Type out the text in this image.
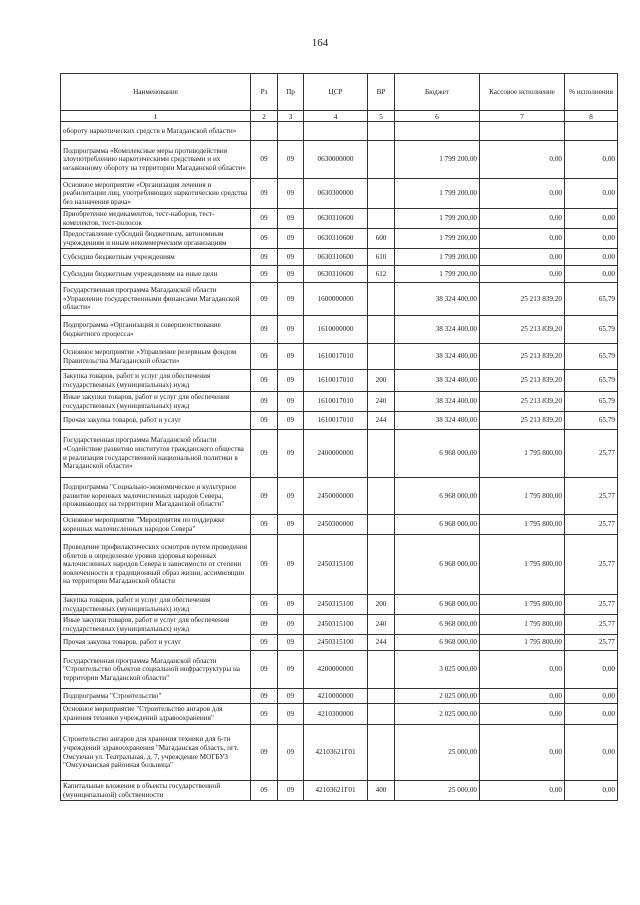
164
Наименование	Рз	Пр	ЦСР	ВР	Бюджет	Кассовое исполнение	% исполнения
1	2	3	4	5	6	7	8
обороту наркотических средств в Магаданской области»							
Подпрограмма «Комплексные меры противодействия злоупотреблению наркотическими средствами и их незаконному обороту на территории Магаданской области»	09	09	0630000000		1 799 200,00	0,00	0,00
Основное мероприятие «Организация лечения и реабилитации лиц, употребляющих наркотические средства без назначения врача»	09	09	0630300000		1 799 200,00	0,00	0,00
Приобретение медикаментов, тест-наборов, тест-комплектов, тест-полосок	09	09	0630310600		1 799 200,00	0,00	0,00
Предоставление субсидий бюджетным, автономным учреждениям и иным некоммерческим организациям	09	09	0630310600	600	1 799 200,00	0,00	0,00
Субсидии бюджетным учреждениям	09	09	0630310600	610	1 799 200,00	0,00	0,00
Субсидии бюджетным учреждениям на иные цели	09	09	0630310600	612	1 799 200,00	0,00	0,00
Государственная программа Магаданской области «Управление государственными финансами Магаданской области»	09	09	1600000000		38 324 400,00	25 213 839,20	65,79
Подпрограмма «Организация и совершенствование бюджетного процесса»	09	09	1610000000		38 324 400,00	25 213 839,20	65,79
Основное мероприятие «Управление резервным фондом Правительства Магаданской области»	09	09	1610017010		38 324 400,00	25 213 839,20	65,79
Закупка товаров, работ и услуг для обеспечения государственных (муниципальных) нужд	09	09	1610017010	200	38 324 400,00	25 213 839,20	65,79
Иные закупки товаров, работ и услуг для обеспечения государственных (муниципальных) нужд	09	09	1610017010	240	38 324 400,00	25 213 839,20	65,79
Прочая закупка товаров, работ и услуг	09	09	1610017010	244	38 324 400,00	25 213 839,20	65,79
Государственная программа Магаданской области «Содействие развитию институтов гражданского общества и реализация государственной национальной политики в Магаданской области»	09	09	2400000000		6 968 000,00	1 795 800,00	25,77
Подпрограмма "Социально-экономическое и культурное развитие коренных малочисленных народов Севера, проживающих на территории Магаданской области"	09	09	2450000000		6 968 000,00	1 795 800,00	25,77
Основное мероприятие "Мероприятия по поддержке коренных малочисленных народов Севера"	09	09	2450300000		6 968 000,00	1 795 800,00	25,77
Проведение профилактических осмотров путем проведения облетов и определение уровня здоровья коренных малочисленных народов Севера в зависимости от степени вовлеченности в традиционный образ жизни, ассимиляции на территории Магаданской области	09	09	2450315100		6 968 000,00	1 795 800,00	25,77
Закупка товаров, работ и услуг для обеспечения государственных (муниципальных) нужд	09	09	2450315100	200	6 968 000,00	1 795 800,00	25,77
Иные закупки товаров, работ и услуг для обеспечения государственных (муниципальных) нужд	09	09	2450315100	240	6 968 000,00	1 795 800,00	25,77
Прочая закупка товаров, работ и услуг	09	09	2450315100	244	6 968 000,00	1 795 800,00	25,77
Государственная программа Магаданской области "Строительство объектов социальной инфраструктуры на территории Магаданской области"	09	09	4200000000		3 025 000,00	0,00	0,00
Подпрограмма "Строительство"	09	09	4210000000		2 025 000,00	0,00	0,00
Основное мероприятие "Строительство ангаров для хранения техники учреждений здравоохранения"	09	09	4210300000		2 025 000,00	0,00	0,00
Строительство ангаров для хранения техники для 6-ти учреждений здравоохранения "Магаданская область, пгт. Омсукчан ул. Театральная, д. 7, учреждение МОГБУЗ "Омсукчанская районная больница"	09	09	42103621Г01		25 000,00	0,00	0,00
Капитальные вложения в объекты государственной (муниципальной) собственности	09	09	42103621Г01	400	25 000,00	0,00	0,00
